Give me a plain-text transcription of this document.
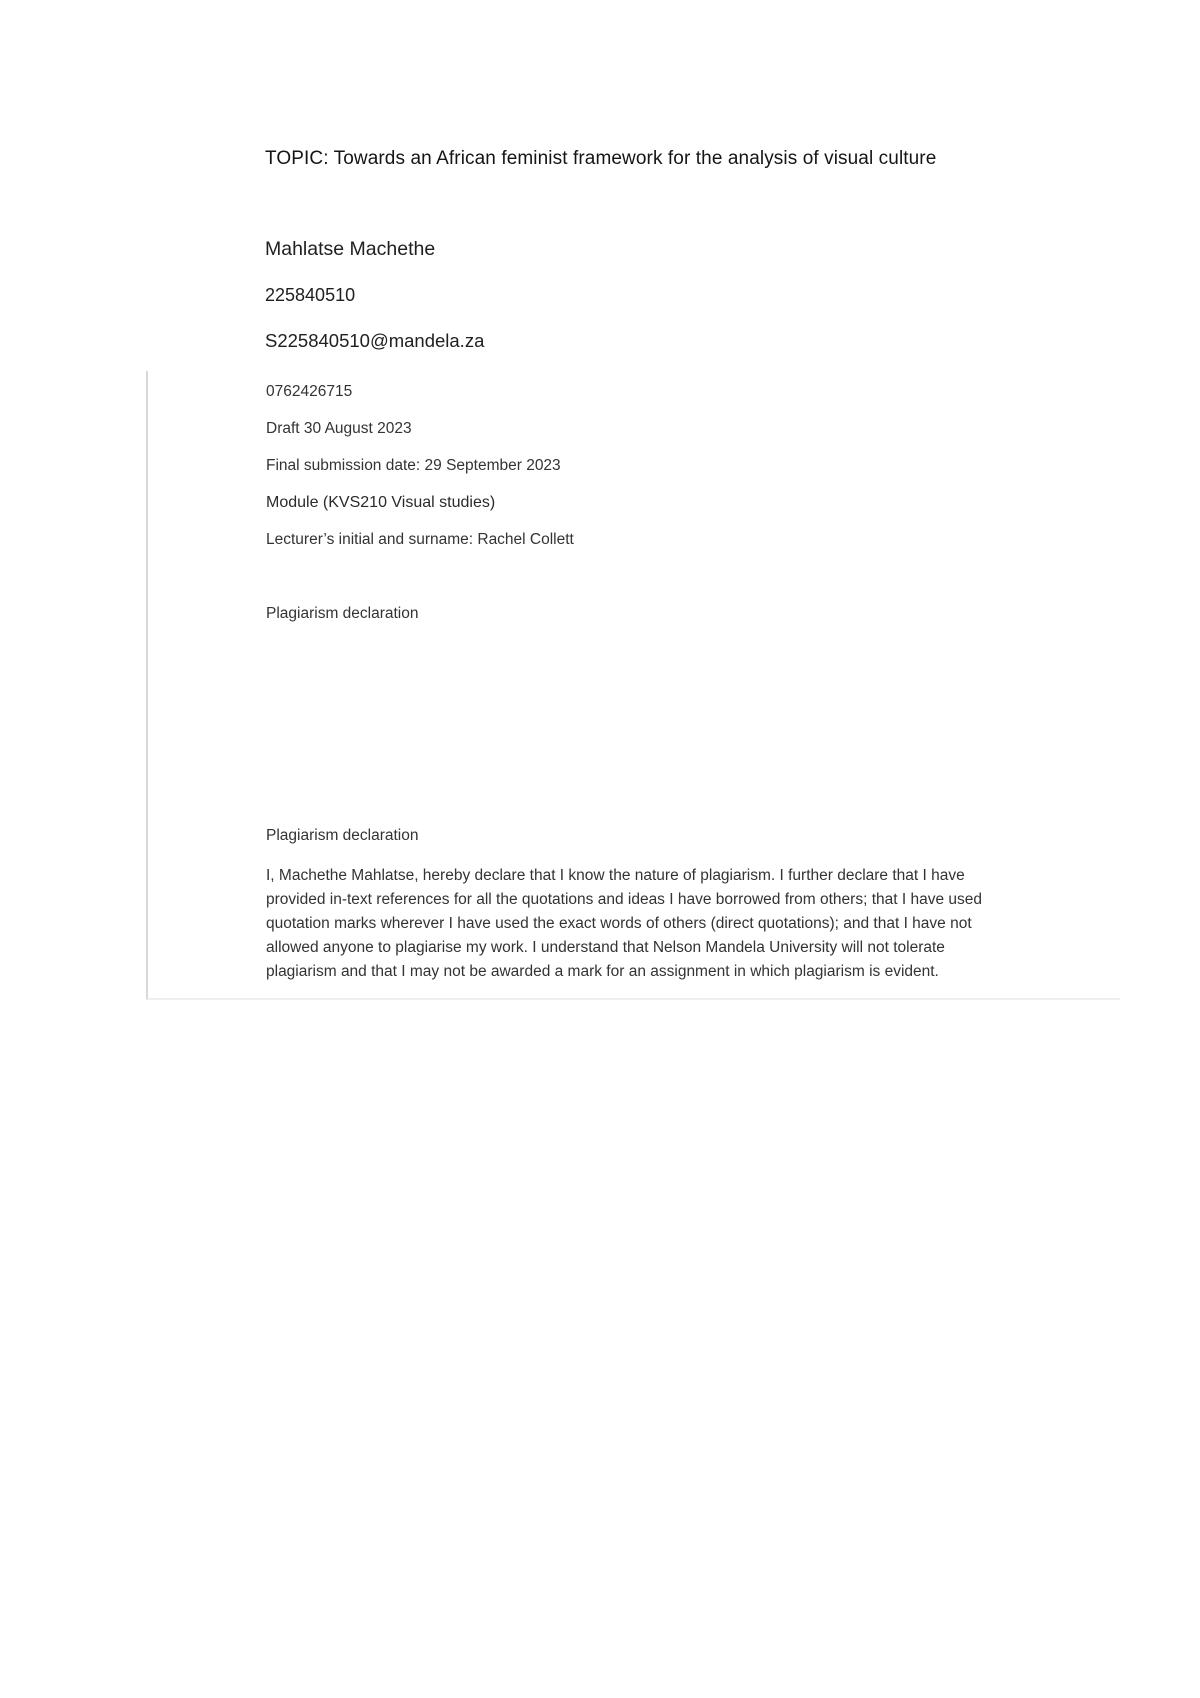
TOPIC: Towards an African feminist framework for the analysis of visual culture
Mahlatse Machethe
225840510
S225840510@mandela.za
0762426715
Draft 30 August 2023
Final submission date: 29 September 2023
Module (KVS210 Visual studies)
Lecturer’s initial and surname: Rachel Collett
Plagiarism declaration
Plagiarism declaration
I, Machethe Mahlatse, hereby declare that I know the nature of plagiarism. I further declare that I have provided in-text references for all the quotations and ideas I have borrowed from others; that I have used quotation marks wherever I have used the exact words of others (direct quotations); and that I have not allowed anyone to plagiarise my work. I understand that Nelson Mandela University will not tolerate plagiarism and that I may not be awarded a mark for an assignment in which plagiarism is evident.
